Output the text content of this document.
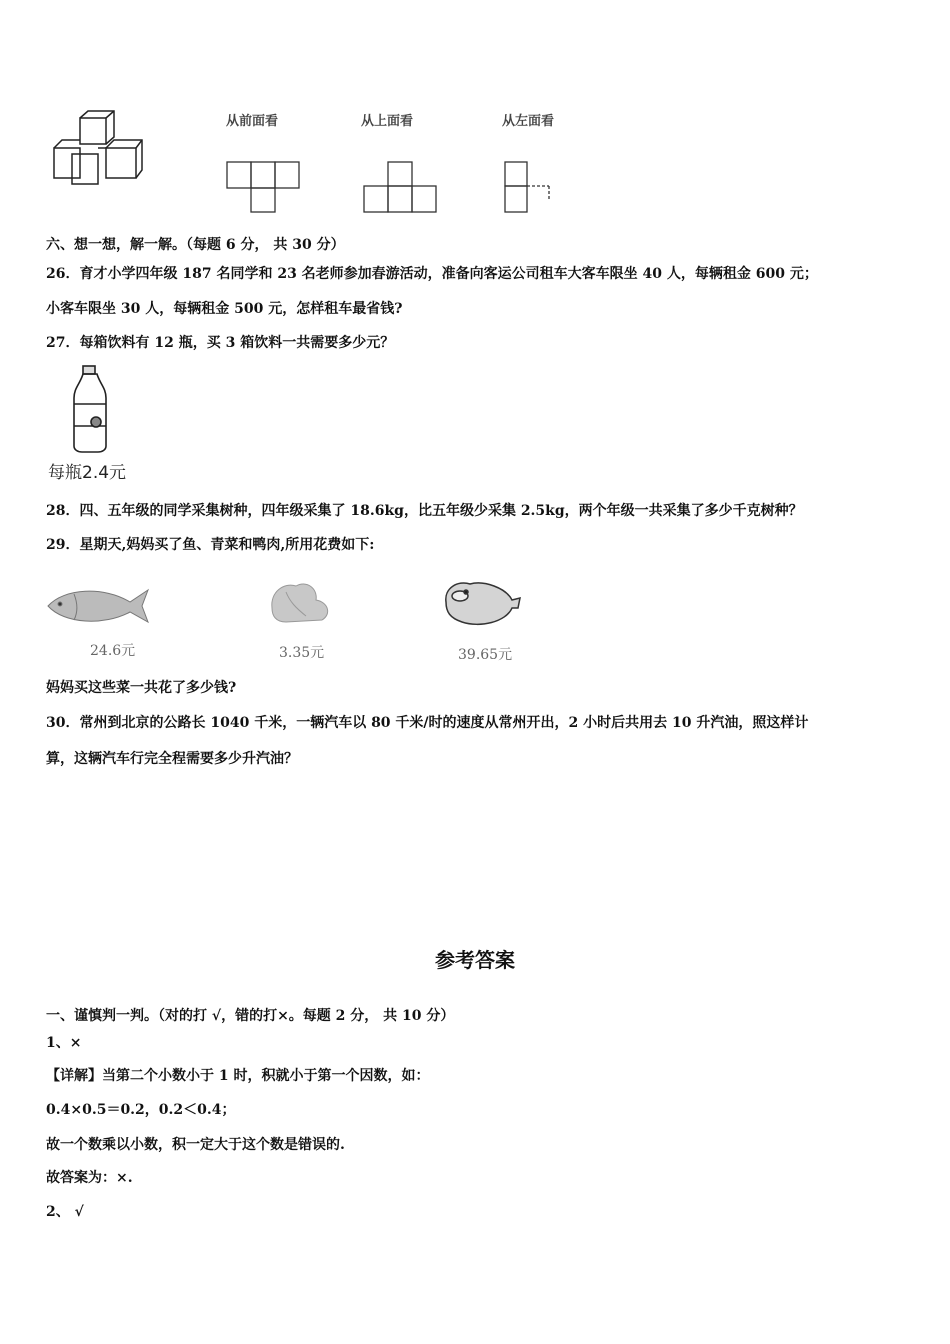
从前面看	从上面看	从左面看
六、想一想，解一解。（每题 6 分， 共 30 分）
26．育才小学四年级 187 名同学和 23 名老师参加春游活动，准备向客运公司租车大客车限坐 40 人，每辆租金 600 元；
小客车限坐 30 人，每辆租金 500 元，怎样租车最省钱?
27．每箱饮料有 12 瓶，买 3 箱饮料一共需要多少元？
每瓶2.4元
28．四、五年级的同学采集树种，四年级采集了 18.6kg，比五年级少采集 2.5kg，两个年级一共采集了多少千克树种？
29．星期天,妈妈买了鱼、青菜和鸭肉,所用花费如下:
24.6元	3.35元	39.65元
妈妈买这些菜一共花了多少钱?
30．常州到北京的公路长 1040 千米，一辆汽车以 80 千米/时的速度从常州开出，2 小时后共用去 10 升汽油，照这样计
算，这辆汽车行完全程需要多少升汽油？
参考答案
一、谨慎判一判。（对的打 √，错的打×。每题 2 分， 共 10 分）
1、×
【详解】当第二个小数小于 1 时，积就小于第一个因数，如：
0.4×0.5＝0.2，0.2＜0.4；
故一个数乘以小数，积一定大于这个数是错误的.
故答案为：×.
2、 √
